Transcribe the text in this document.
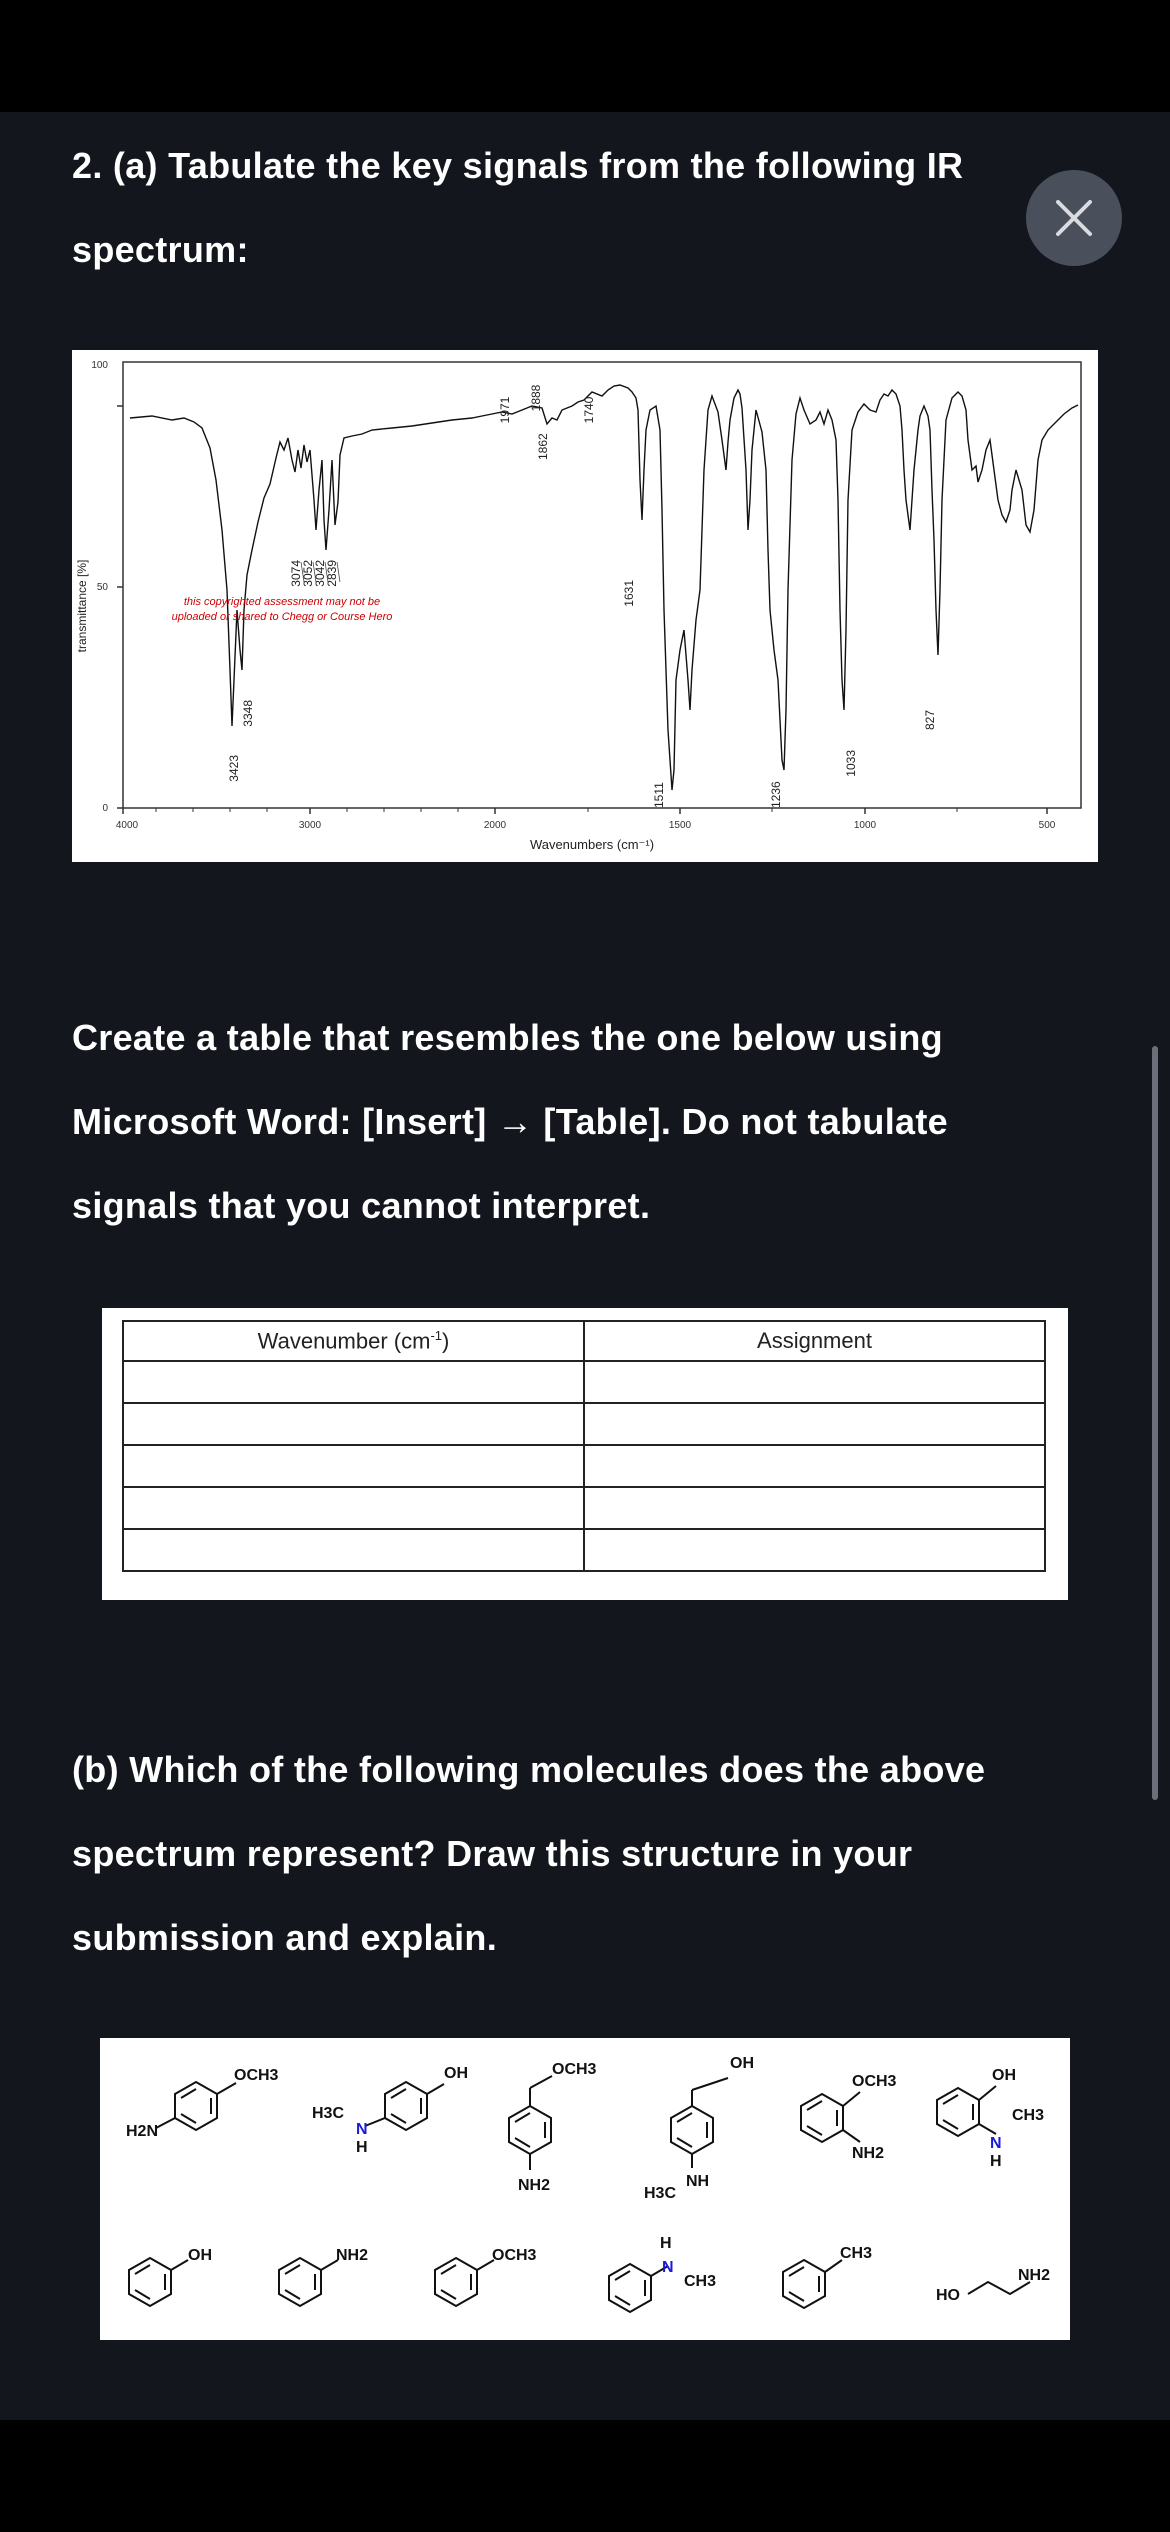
2. (a) Tabulate the key signals from the following IR spectrum:
100
50
0
4000	3000	2000	1500	1000	500
Wavenumbers (cm⁻¹)
transmittance [%]
3423
3348
3074
3052
3042
2839
1971 1888
1862
1740
1631
1511	1236
1033
827
this copyrighted assessment may not be
uploaded or shared to Chegg or Course Hero
Create a table that resembles the one below using Microsoft Word: [Insert] → [Table]. Do not tabulate signals that you cannot interpret.
Wavenumber $(cm^{-1})$	Assignment

(b) Which of the following molecules does the above spectrum represent? Draw this structure in your submission and explain.
H2N
OCH3
H3C
N
H
OH	OCH3
NH2
OH
H3C
NH
OCH3
NH2
OH
N
H
CH3
OH	NH2	OCH3
H
N
CH3
CH3
HO
NH2
